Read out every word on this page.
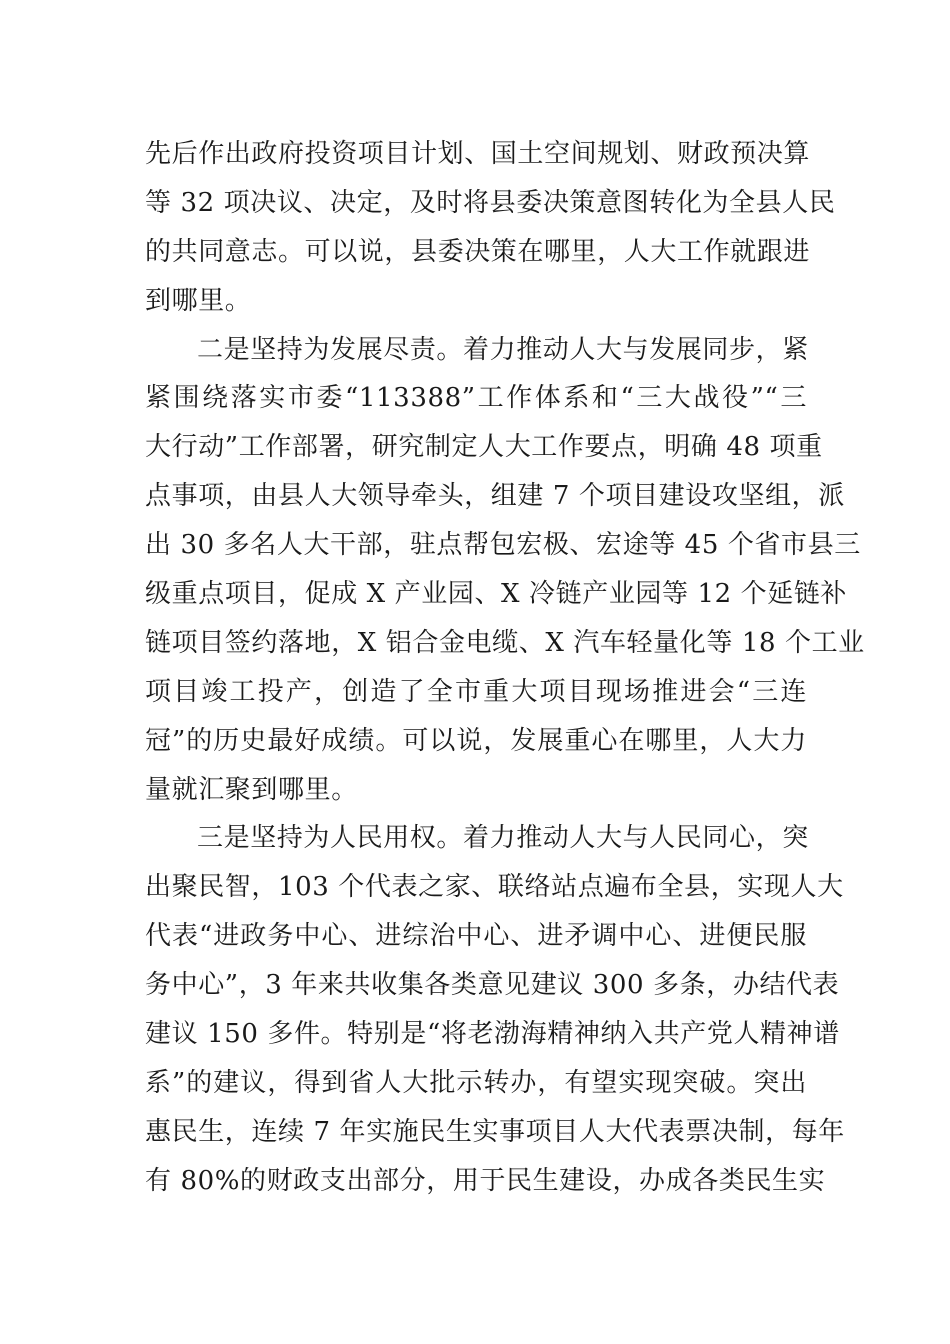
先后作出政府投资项目计划、国土空间规划、财政预决算
等 32 项决议、决定，及时将县委决策意图转化为全县人民
的共同意志。可以说，县委决策在哪里，人大工作就跟进
到哪里。
二是坚持为发展尽责。着力推动人大与发展同步，紧
紧围绕落实市委“113388”工作体系和“三大战役”“三
大行动”工作部署，研究制定人大工作要点，明确 48 项重
点事项，由县人大领导牵头，组建 7 个项目建设攻坚组，派
出 30 多名人大干部，驻点帮包宏极、宏途等 45 个省市县三
级重点项目，促成 X 产业园、X 冷链产业园等 12 个延链补
链项目签约落地，X 铝合金电缆、X 汽车轻量化等 18 个工业
项目竣工投产，创造了全市重大项目现场推进会“三连
冠”的历史最好成绩。可以说，发展重心在哪里，人大力
量就汇聚到哪里。
三是坚持为人民用权。着力推动人大与人民同心，突
出聚民智，103 个代表之家、联络站点遍布全县，实现人大
代表“进政务中心、进综治中心、进矛调中心、进便民服
务中心”，3 年来共收集各类意见建议 300 多条，办结代表
建议 150 多件。特别是“将老渤海精神纳入共产党人精神谱
系”的建议，得到省人大批示转办，有望实现突破。突出
惠民生，连续 7 年实施民生实事项目人大代表票决制，每年
有 80%的财政支出部分，用于民生建设，办成各类民生实
